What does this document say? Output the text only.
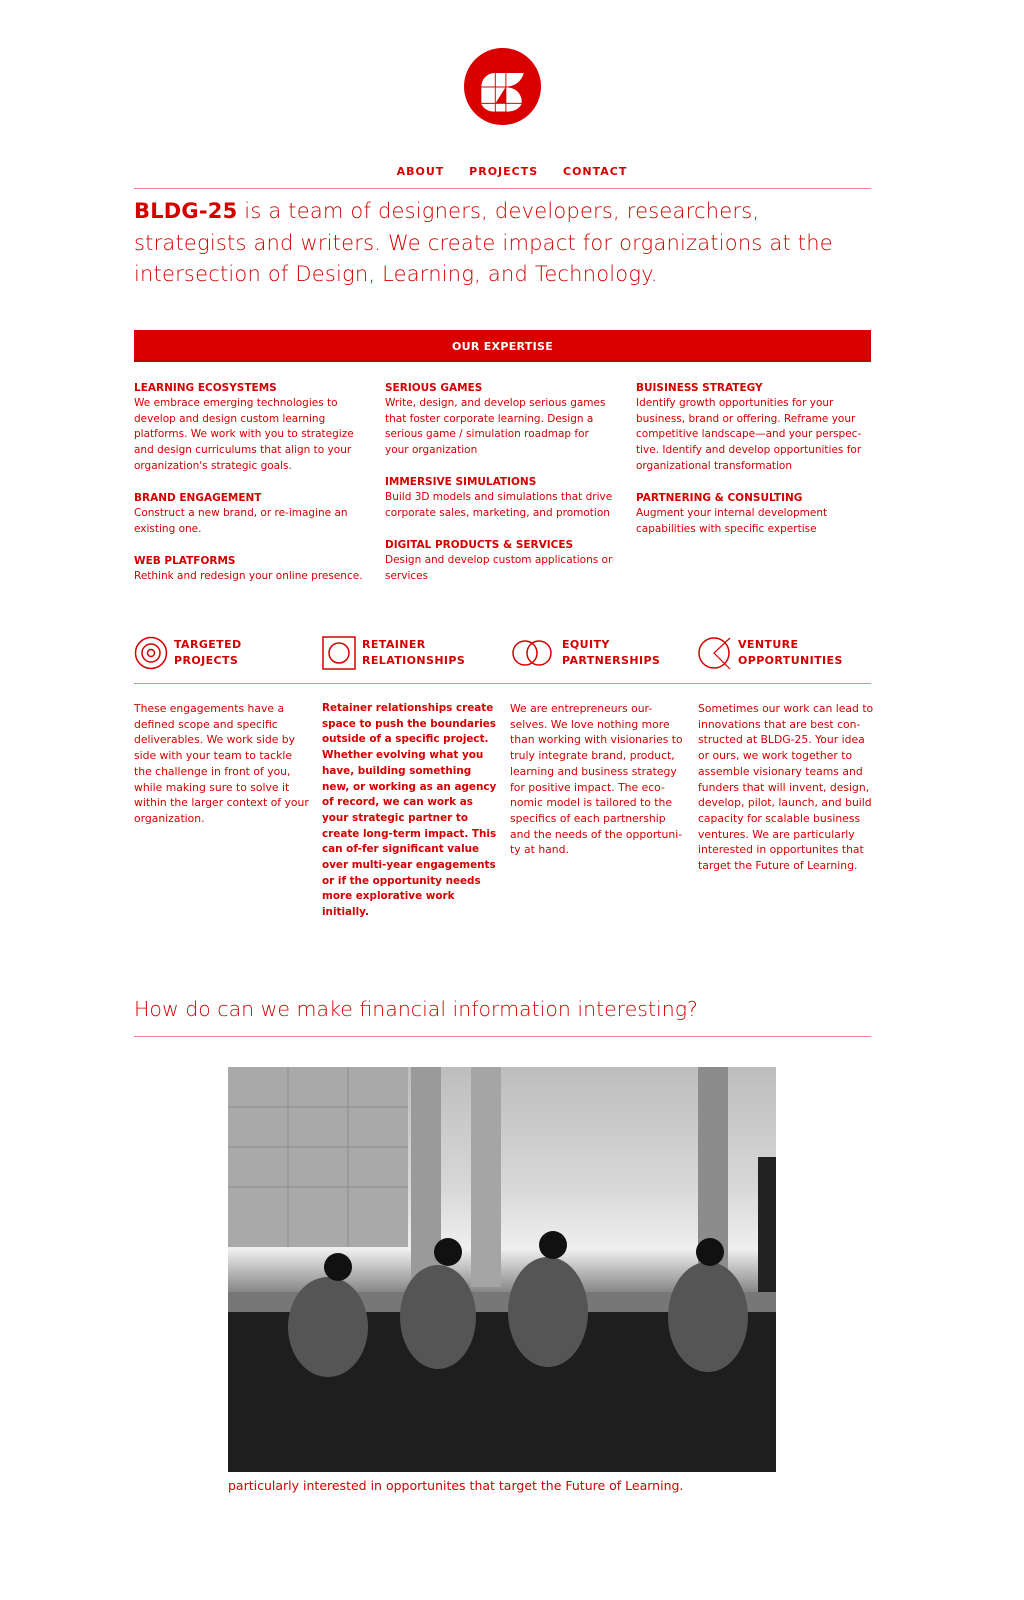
ABOUT PROJECTS CONTACT

BLDG-25 is a team of designers, developers, researchers, strategists and writers. We create impact for organizations at the intersection of Design, Learning, and Technology.

OUR EXPERTISE
LEARNING ECOSYSTEMS

We embrace emerging technologies to develop and design custom learning platforms. We work with you to strategize and design curriculums that align to your organization's strategic goals.

BRAND ENGAGEMENT

Construct a new brand, or re-imagine an existing one.

WEB PLATFORMS

Rethink and redesign your online presence.

SERIOUS GAMES

Write, design, and develop serious games that foster corporate learning. Design a serious game / simulation roadmap for your organization

IMMERSIVE SIMULATIONS

Build 3D models and simulations that drive corporate sales, marketing, and promotion

DIGITAL PRODUCTS & SERVICES

Design and develop custom applications or services

BUISINESS STRATEGY

Identify growth opportunities for your business, brand or offering. Reframe your competitive landscape—and your perspec-tive. Identify and develop opportunities for organizational transformation

PARTNERING & CONSULTING

Augment your internal development capabilities with specific expertise

TARGETED
PROJECTS

These engagements have a defined scope and specific deliverables. We work side by side with your team to tackle the challenge in front of you, while making sure to solve it within the larger context of your organization.

RETAINER
RELATIONSHIPS

Retainer relationships create space to push the boundaries outside of a specific project. Whether evolving what you have, building something new, or working as an agency of record, we can work as your strategic partner to create long-term impact. This can of-fer significant value over multi-year engagements or if the opportunity needs more explorative work initially.

EQUITY
PARTNERSHIPS

We are entrepreneurs our-selves. We love nothing more than working with visionaries to truly integrate brand, product, learning and business strategy for positive impact. The eco-nomic model is tailored to the specifics of each partnership and the needs of the opportuni-ty at hand.

VENTURE
OPPORTUNITIES

Sometimes our work can lead to innovations that are best con-structed at BLDG-25. Your idea or ours, we work together to assemble visionary teams and funders that will invent, design, develop, pilot, launch, and build capacity for scalable business ventures. We are particularly interested in opportunites that target the Future of Learning.

How do can we make financial information interesting?

particularly interested in opportunites that target the Future of Learning.
